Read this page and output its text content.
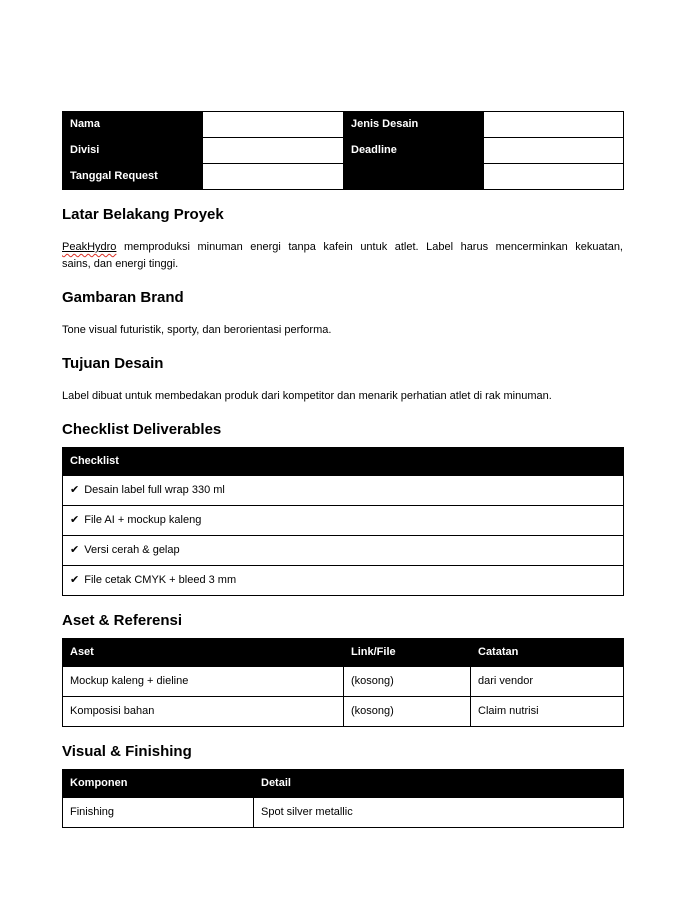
Nama		Jenis Desain	
Divisi		Deadline	
Tanggal Request			
Latar Belakang Proyek

PeakHydro memproduksi minuman energi tanpa kafein untuk atlet. Label harus mencerminkan kekuatan,
sains, dan energi tinggi.

Gambaran Brand

Tone visual futuristik, sporty, dan berorientasi performa.

Tujuan Desain

Label dibuat untuk membedakan produk dari kompetitor dan menarik perhatian atlet di rak minuman.

Checklist Deliverables
Checklist
✔ Desain label full wrap 330 ml
✔ File AI + mockup kaleng
✔ Versi cerah & gelap
✔ File cetak CMYK + bleed 3 mm
Aset & Referensi
Aset	Link/File	Catatan
Mockup kaleng + dieline	(kosong)	dari vendor
Komposisi bahan	(kosong)	Claim nutrisi
Visual & Finishing
Komponen	Detail
Finishing	Spot silver metallic
